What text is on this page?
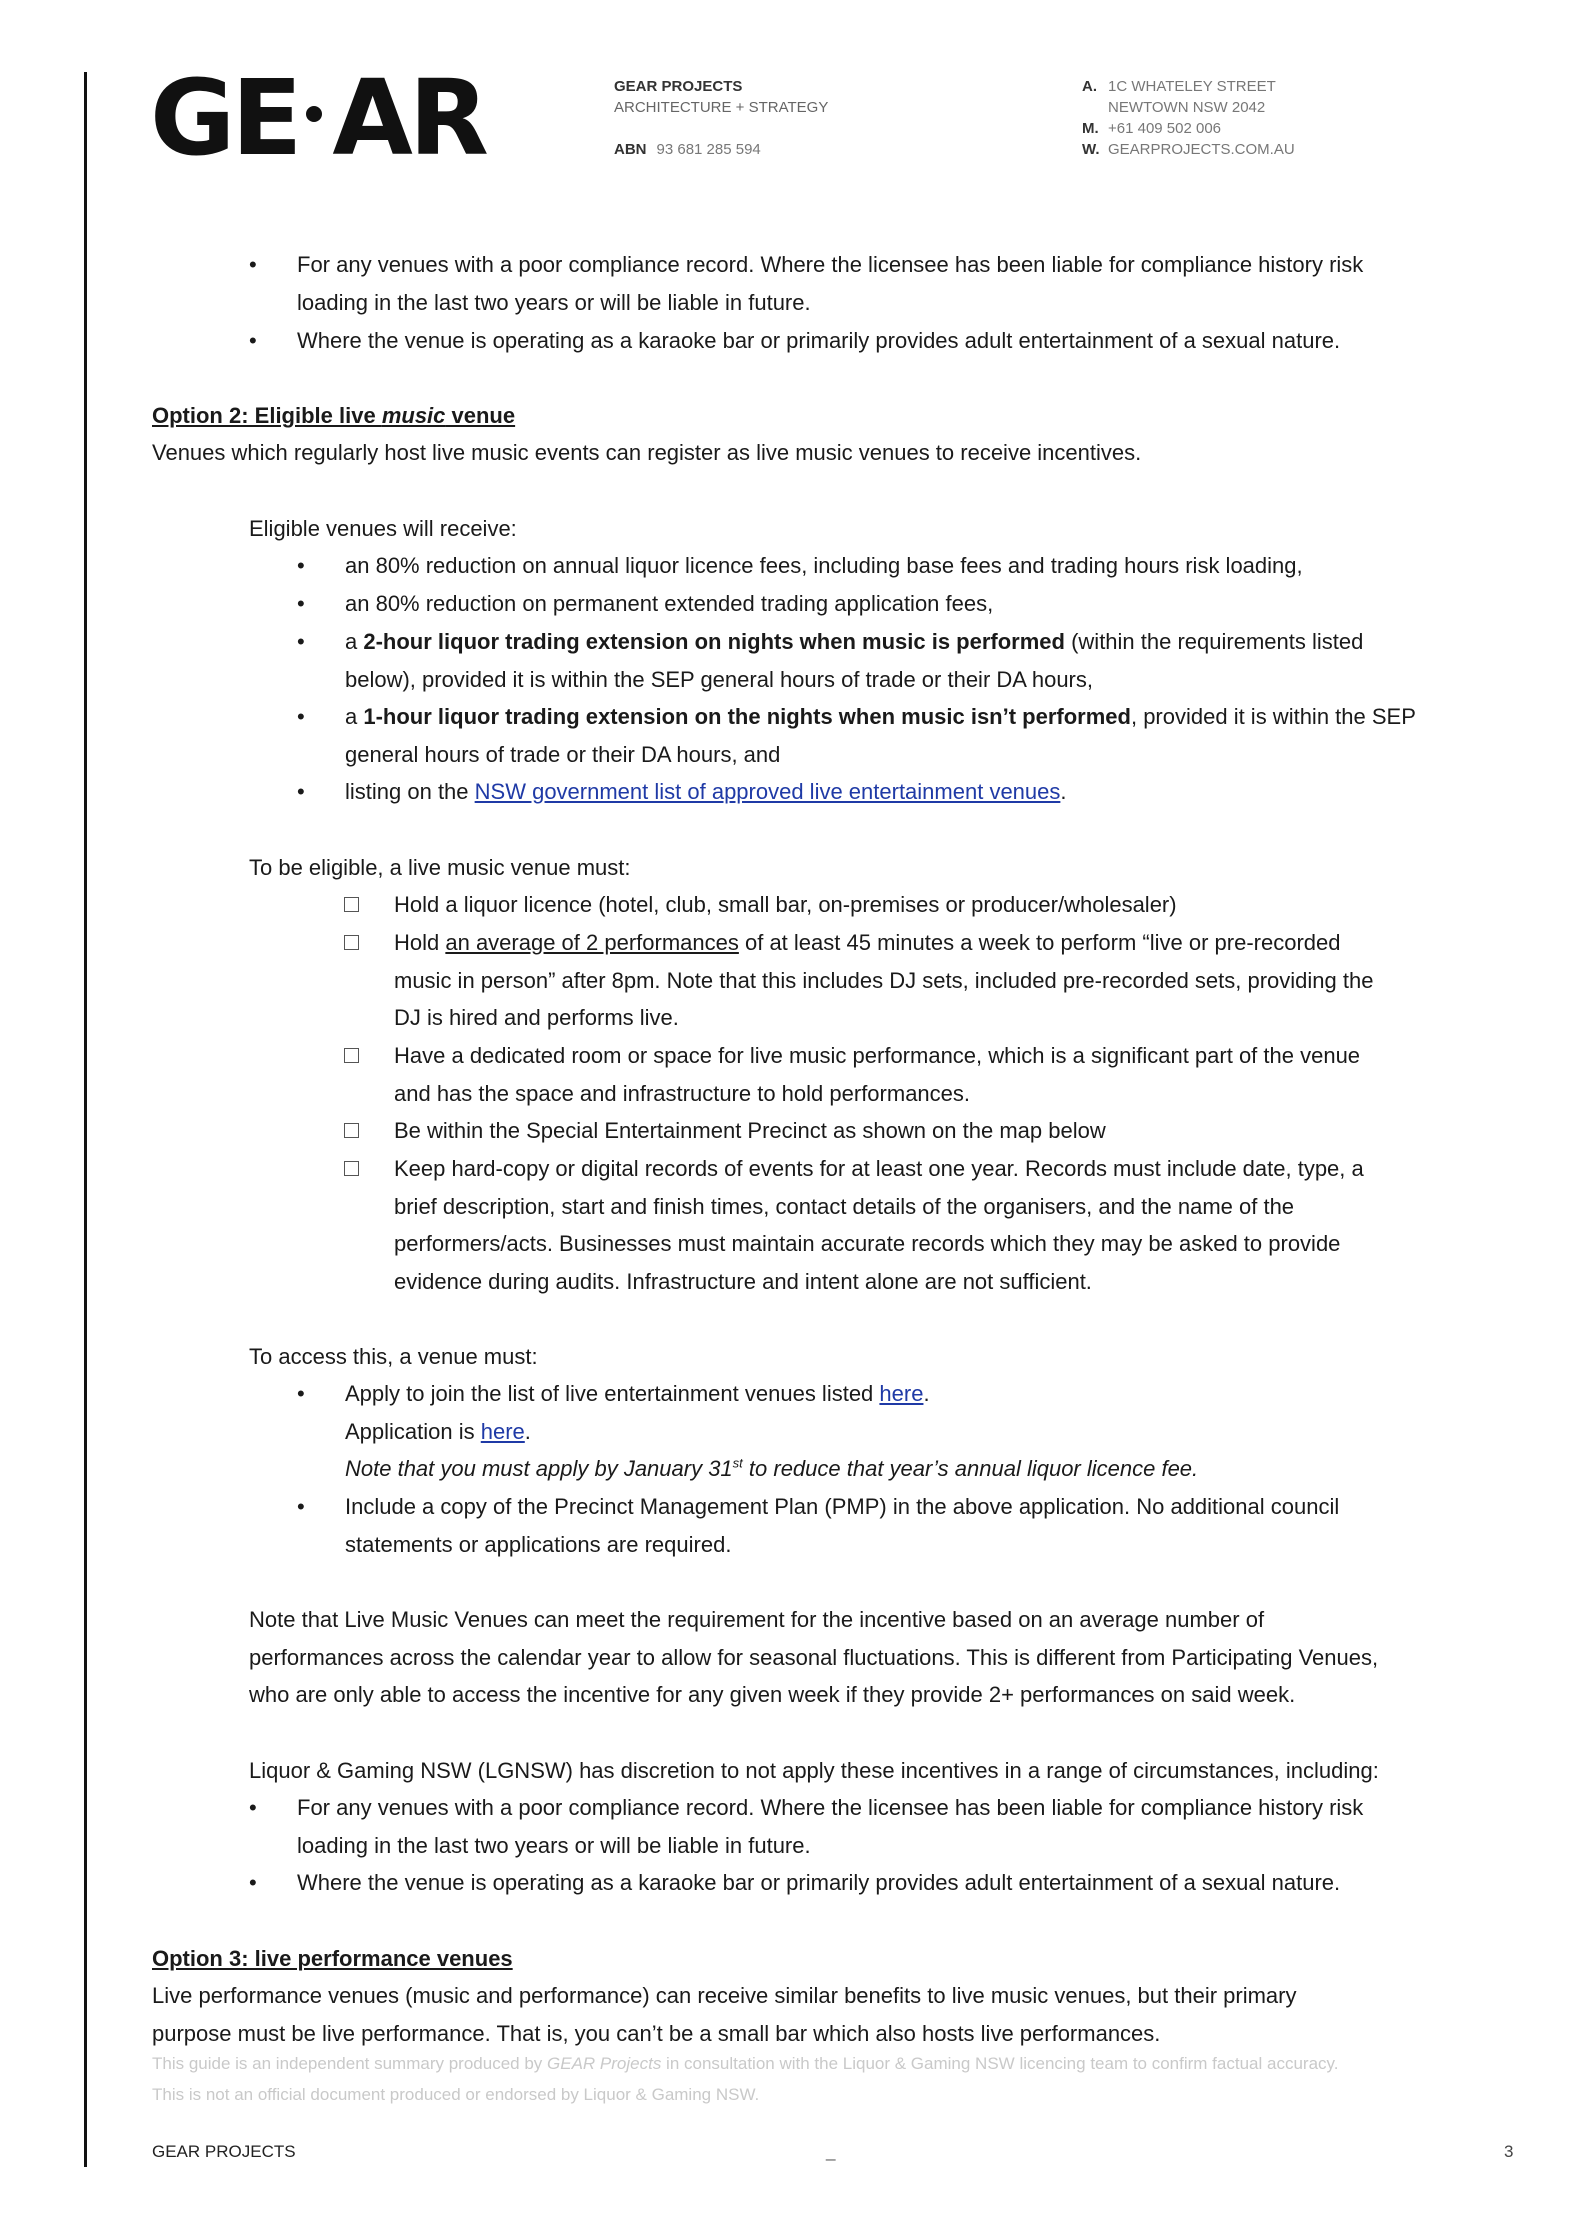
GE AR	GEAR PROJECTS
ARCHITECTURE + STRATEGY
ABN 93 681 285 594
A. 1C WHATELEY STREET
NEWTOWN NSW 2042
M. +61 409 502 006
W. GEARPROJECTS.COM.AU
• For any venues with a poor compliance record. Where the licensee has been liable for compliance history risk
loading in the last two years or will be liable in future.
• Where the venue is operating as a karaoke bar or primarily provides adult entertainment of a sexual nature.
Option 2: Eligible live music venue
Venues which regularly host live music events can register as live music venues to receive incentives.
Eligible venues will receive:
• an 80% reduction on annual liquor licence fees, including base fees and trading hours risk loading,
• an 80% reduction on permanent extended trading application fees,
• a 2-hour liquor trading extension on nights when music is performed (within the requirements listed
below), provided it is within the SEP general hours of trade or their DA hours,
• a 1-hour liquor trading extension on the nights when music isn’t performed, provided it is within the SEP
general hours of trade or their DA hours, and
• listing on the NSW government list of approved live entertainment venues.
To be eligible, a live music venue must:
Hold a liquor licence (hotel, club, small bar, on-premises or producer/wholesaler)
Hold an average of 2 performances of at least 45 minutes a week to perform “live or pre-recorded
music in person” after 8pm. Note that this includes DJ sets, included pre-recorded sets, providing the
DJ is hired and performs live.
Have a dedicated room or space for live music performance, which is a significant part of the venue
and has the space and infrastructure to hold performances.
Be within the Special Entertainment Precinct as shown on the map below
Keep hard-copy or digital records of events for at least one year. Records must include date, type, a
brief description, start and finish times, contact details of the organisers, and the name of the
performers/acts. Businesses must maintain accurate records which they may be asked to provide
evidence during audits. Infrastructure and intent alone are not sufficient.
To access this, a venue must:
• Apply to join the list of live entertainment venues listed here.
Application is here.
Note that you must apply by January 31st to reduce that year’s annual liquor licence fee.
• Include a copy of the Precinct Management Plan (PMP) in the above application. No additional council
statements or applications are required.
Note that Live Music Venues can meet the requirement for the incentive based on an average number of
performances across the calendar year to allow for seasonal fluctuations. This is different from Participating Venues,
who are only able to access the incentive for any given week if they provide 2+ performances on said week.
Liquor & Gaming NSW (LGNSW) has discretion to not apply these incentives in a range of circumstances, including:
• For any venues with a poor compliance record. Where the licensee has been liable for compliance history risk
loading in the last two years or will be liable in future.
• Where the venue is operating as a karaoke bar or primarily provides adult entertainment of a sexual nature.
Option 3: live performance venues
Live performance venues (music and performance) can receive similar benefits to live music venues, but their primary
purpose must be live performance. That is, you can’t be a small bar which also hosts live performances.
This guide is an independent summary produced by GEAR Projects in consultation with the Liquor & Gaming NSW licencing team to confirm factual accuracy.
This is not an official document produced or endorsed by Liquor & Gaming NSW.
GEAR PROJECTS	_	3
